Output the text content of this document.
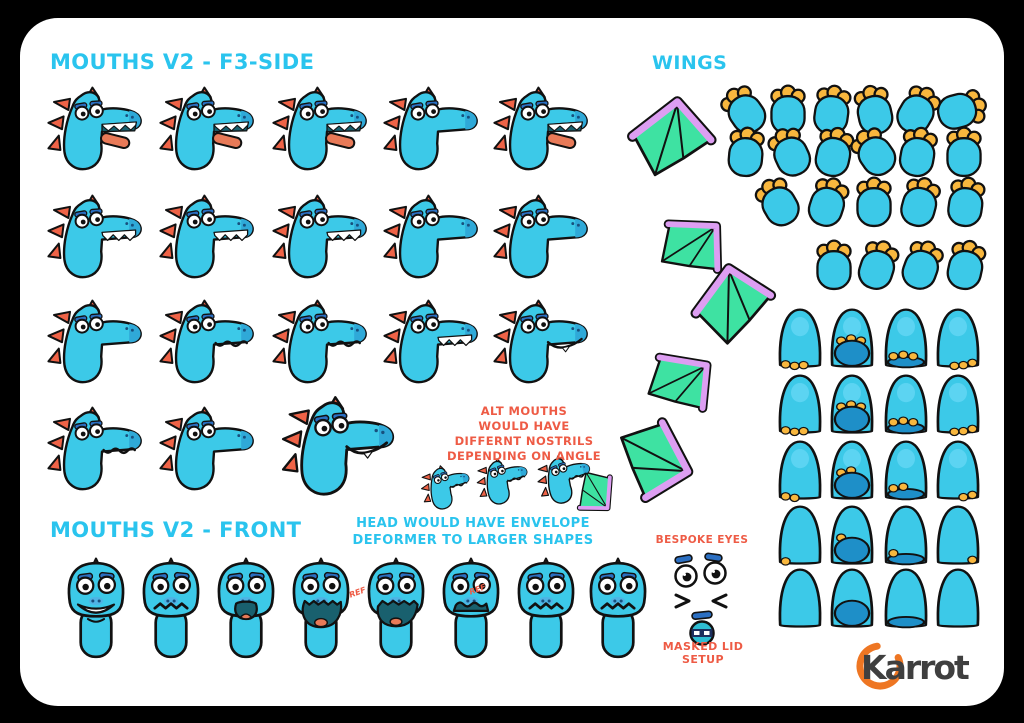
Karrot
MOUTHS V2 - F3-SIDE	WINGS
MOUTHS V2 - FRONT
ALT MOUTHS
WOULD HAVE
DIFFERNT NOSTRILS
DEPENDING ON ANGLE
HEAD WOULD HAVE ENVELOPE
DEFORMER TO LARGER SHAPES	BESPOKE EYES
MASKED LID SETUP
REF	REF
